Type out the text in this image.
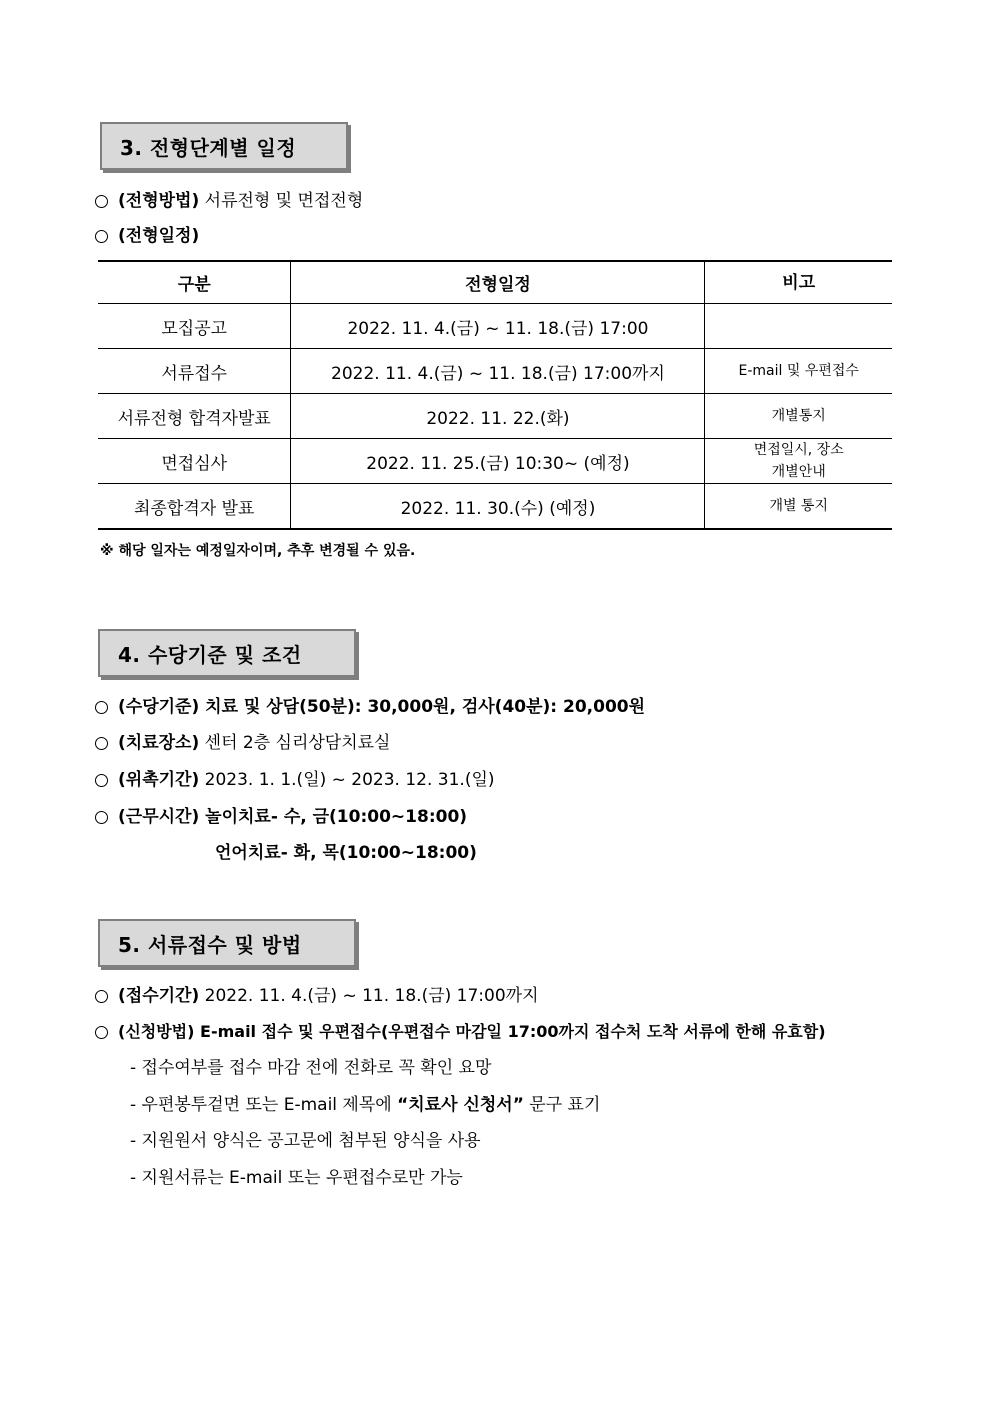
3. 전형단계별 일정
(전형방법) 서류전형 및 면접전형
(전형일정)
구분	전형일정	비고
모집공고	2022. 11. 4.(금) ~ 11. 18.(금) 17:00	
서류접수	2022. 11. 4.(금) ~ 11. 18.(금) 17:00까지	E-mail 및 우편접수
서류전형 합격자발표	2022. 11. 22.(화)	개별통지
면접심사	2022. 11. 25.(금) 10:30~ (예정)	면접일시, 장소
개별안내

최종합격자 발표	2022. 11. 30.(수) (예정)	개별 통지
※ 해당 일자는 예정일자이며, 추후 변경될 수 있음.
4. 수당기준 및 조건
(수당기준) 치료 및 상담(50분): 30,000원, 검사(40분): 20,000원
(치료장소) 센터 2층 심리상담치료실
(위촉기간) 2023. 1. 1.(일) ~ 2023. 12. 31.(일)
(근무시간) 놀이치료- 수, 금(10:00~18:00)
언어치료- 화, 목(10:00~18:00)
5. 서류접수 및 방법
(접수기간) 2022. 11. 4.(금) ~ 11. 18.(금) 17:00까지
(신청방법) E-mail 접수 및 우편접수(우편접수 마감일 17:00까지 접수처 도착 서류에 한해 유효함)
- 접수여부를 접수 마감 전에 전화로 꼭 확인 요망
- 우편봉투겉면 또는 E-mail 제목에 “치료사 신청서” 문구 표기
- 지원원서 양식은 공고문에 첨부된 양식을 사용
- 지원서류는 E-mail 또는 우편접수로만 가능
